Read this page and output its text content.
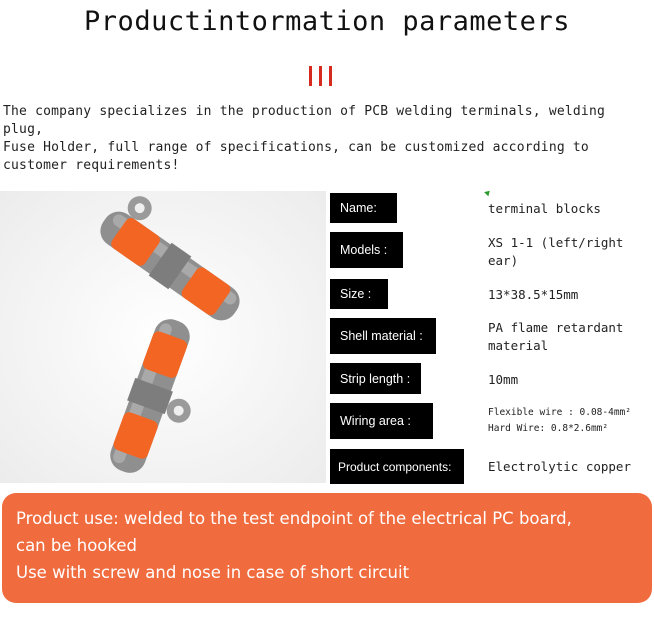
Productintormation parameters
The company specializes in the production of PCB welding terminals, welding plug,
Fuse Holder, full range of specifications, can be customized according to
customer requirements!
Name:
Models :
Size :
Shell material :
Strip length :
Wiring area :
Product components:
terminal blocks
XS 1-1 (left/right ear)
13*38.5*15mm
PA flame retardant material
10mm
Flexible wire : 0.08-4mm²
Hard Wire: 0.8*2.6mm²
Electrolytic copper
Product use: welded to the test endpoint of the electrical PC board,
can be hooked
Use with screw and nose in case of short circuit
